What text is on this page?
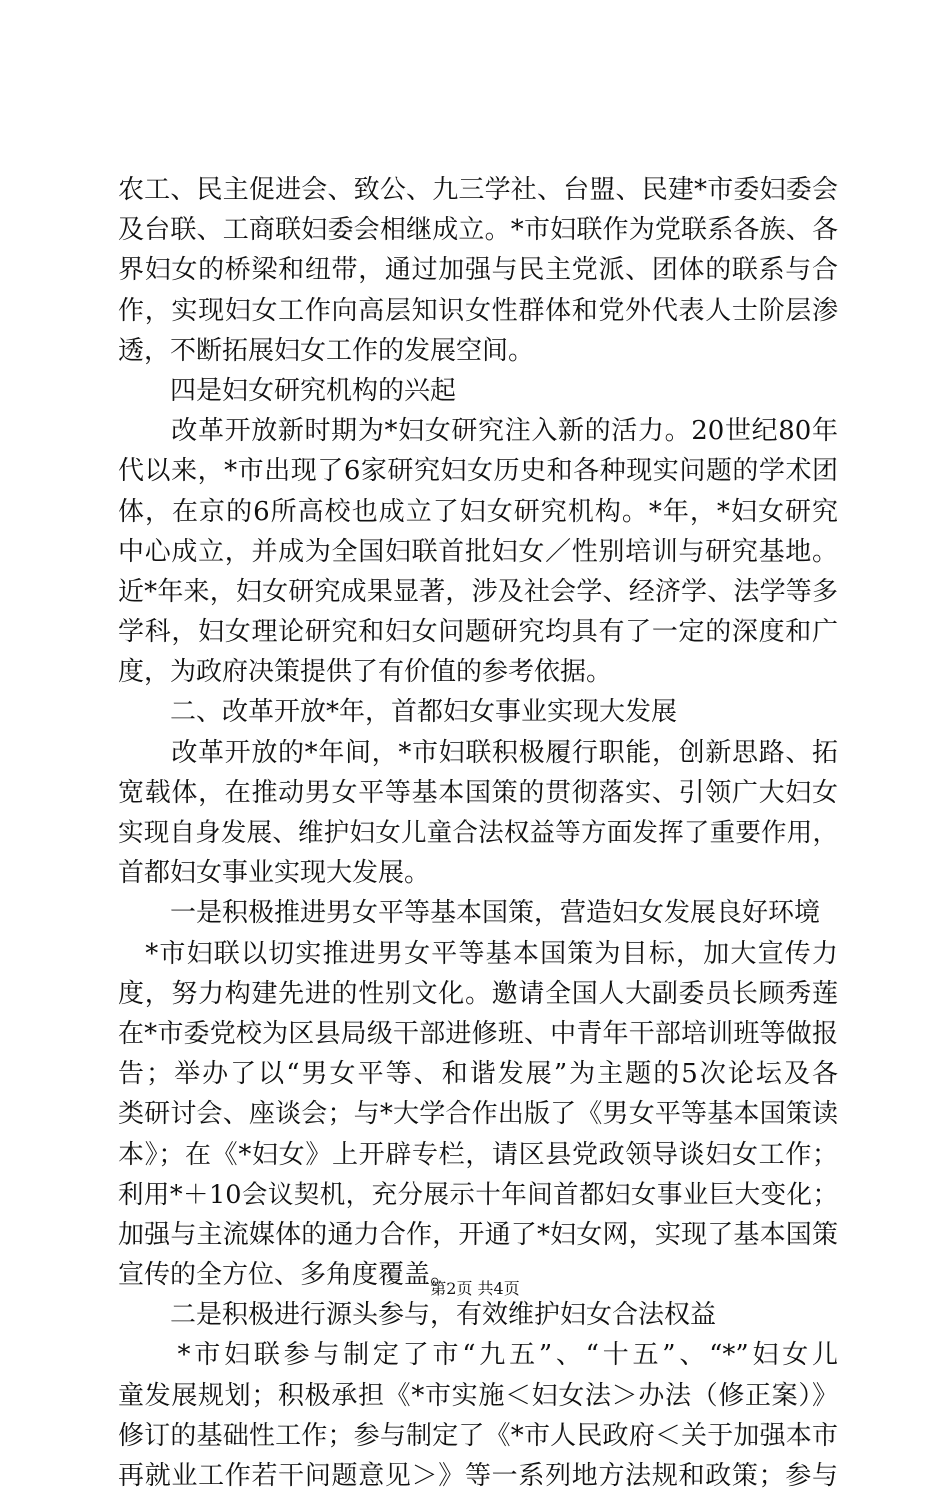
农工、民主促进会、致公、九三学社、台盟、民建*市委妇委会
及台联、工商联妇委会相继成立。*市妇联作为党联系各族、各
界妇女的桥梁和纽带，通过加强与民主党派、团体的联系与合
作，实现妇女工作向高层知识女性群体和党外代表人士阶层渗
透，不断拓展妇女工作的发展空间。
　　四是妇女研究机构的兴起
　　改革开放新时期为*妇女研究注入新的活力。20世纪80年
代以来，*市出现了6家研究妇女历史和各种现实问题的学术团
体，在京的6所高校也成立了妇女研究机构。*年，*妇女研究
中心成立，并成为全国妇联首批妇女／性别培训与研究基地。
近*年来，妇女研究成果显著，涉及社会学、经济学、法学等多
学科，妇女理论研究和妇女问题研究均具有了一定的深度和广
度，为政府决策提供了有价值的参考依据。
　　二、改革开放*年，首都妇女事业实现大发展
　　改革开放的*年间，*市妇联积极履行职能，创新思路、拓
宽载体，在推动男女平等基本国策的贯彻落实、引领广大妇女
实现自身发展、维护妇女儿童合法权益等方面发挥了重要作用，
首都妇女事业实现大发展。
　　一是积极推进男女平等基本国策，营造妇女发展良好环境
　*市妇联以切实推进男女平等基本国策为目标，加大宣传力
度，努力构建先进的性别文化。邀请全国人大副委员长顾秀莲
在*市委党校为区县局级干部进修班、中青年干部培训班等做报
告；举办了以“男女平等、和谐发展”为主题的5次论坛及各
类研讨会、座谈会；与*大学合作出版了《男女平等基本国策读
本》；在《*妇女》上开辟专栏，请区县党政领导谈妇女工作；
利用*＋10会议契机，充分展示十年间首都妇女事业巨大变化；
加强与主流媒体的通力合作，开通了*妇女网，实现了基本国策
宣传的全方位、多角度覆盖。
　　二是积极进行源头参与，有效维护妇女合法权益
　　*市妇联参与制定了市“九五”、“十五”、“*”妇女儿
童发展规划；积极承担《*市实施＜妇女法＞办法（修正案）》
修订的基础性工作；参与制定了《*市人民政府＜关于加强本市
再就业工作若干问题意见＞》等一系列地方法规和政策；参与
第2页 共4页
